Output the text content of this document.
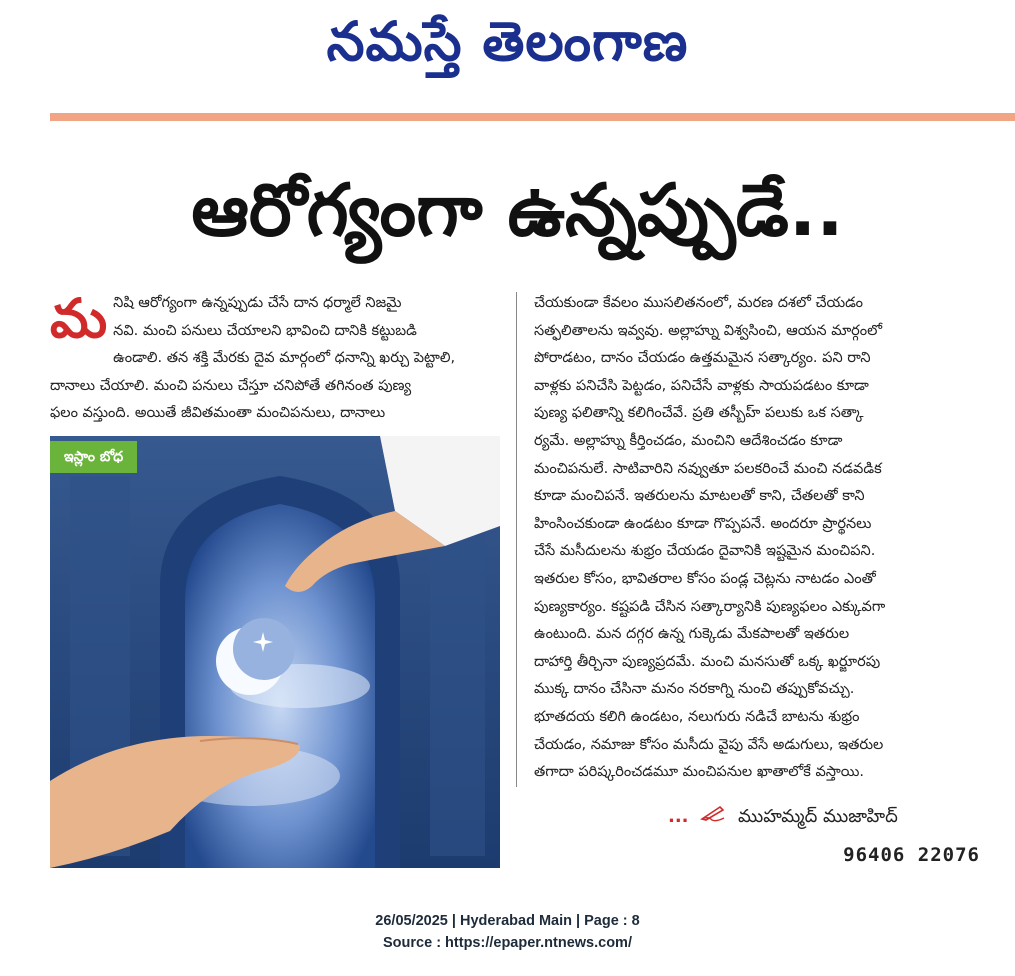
నమస్తే తెలంగాణ
ఆరోగ్యంగా ఉన్నప్పుడే..
మ నిషి ఆరోగ్యంగా ఉన్నప్పుడు చేసే దాన ధర్మాలే నిజమై
నవి. మంచి పనులు చేయాలని భావించి దానికి కట్టుబడి
ఉండాలి. తన శక్తి మేరకు దైవ మార్గంలో ధనాన్ని ఖర్చు పెట్టాలి,
దానాలు చేయాలి. మంచి పనులు చేస్తూ చనిపోతే తగినంత పుణ్య
ఫలం వస్తుంది. అయితే జీవితమంతా మంచిపనులు, దానాలు
ఇస్లాం బోధ
చేయకుండా కేవలం ముసలితనంలో, మరణ దశలో చేయడం
సత్ఫలితాలను ఇవ్వవు. అల్లాహ్ను విశ్వసించి, ఆయన మార్గంలో
పోరాడటం, దానం చేయడం ఉత్తమమైన సత్కార్యం. పని రాని
వాళ్లకు పనిచేసి పెట్టడం, పనిచేసే వాళ్లకు సాయపడటం కూడా
పుణ్య ఫలితాన్ని కలిగించేవే. ప్రతి తస్బీహ్ పలుకు ఒక సత్కా
ర్యమే. అల్లాహ్ను కీర్తించడం, మంచిని ఆదేశించడం కూడా
మంచిపనులే. సాటివారిని నవ్వుతూ పలకరించే మంచి నడవడిక
కూడా మంచిపనే. ఇతరులను మాటలతో కాని, చేతలతో కాని
హింసించకుండా ఉండటం కూడా గొప్పపనే. అందరూ ప్రార్థనలు
చేసే మసీదులను శుభ్రం చేయడం దైవానికి ఇష్టమైన మంచిపని.
ఇతరుల కోసం, భావితరాల కోసం పండ్ల చెట్లను నాటడం ఎంతో
పుణ్యకార్యం. కష్టపడి చేసిన సత్కార్యానికి పుణ్యఫలం ఎక్కువగా
ఉంటుంది. మన దగ్గర ఉన్న గుక్కెడు మేకపాలతో ఇతరుల
దాహార్తి తీర్చినా పుణ్యప్రదమే. మంచి మనసుతో ఒక్క ఖర్జూరపు
ముక్క దానం చేసినా మనం నరకాగ్ని నుంచి తప్పుకోవచ్చు.
భూతదయ కలిగి ఉండటం, నలుగురు నడిచే బాటను శుభ్రం
చేయడం, నమాజు కోసం మసీదు వైపు వేసే అడుగులు, ఇతరుల
తగాదా పరిష్కరించడమూ మంచిపనుల ఖాతాలోకే వస్తాయి.
...	ముహమ్మద్ ముజాహిద్
96406 22076
26/05/2025 | Hyderabad Main | Page : 8
Source : https://epaper.ntnews.com/
